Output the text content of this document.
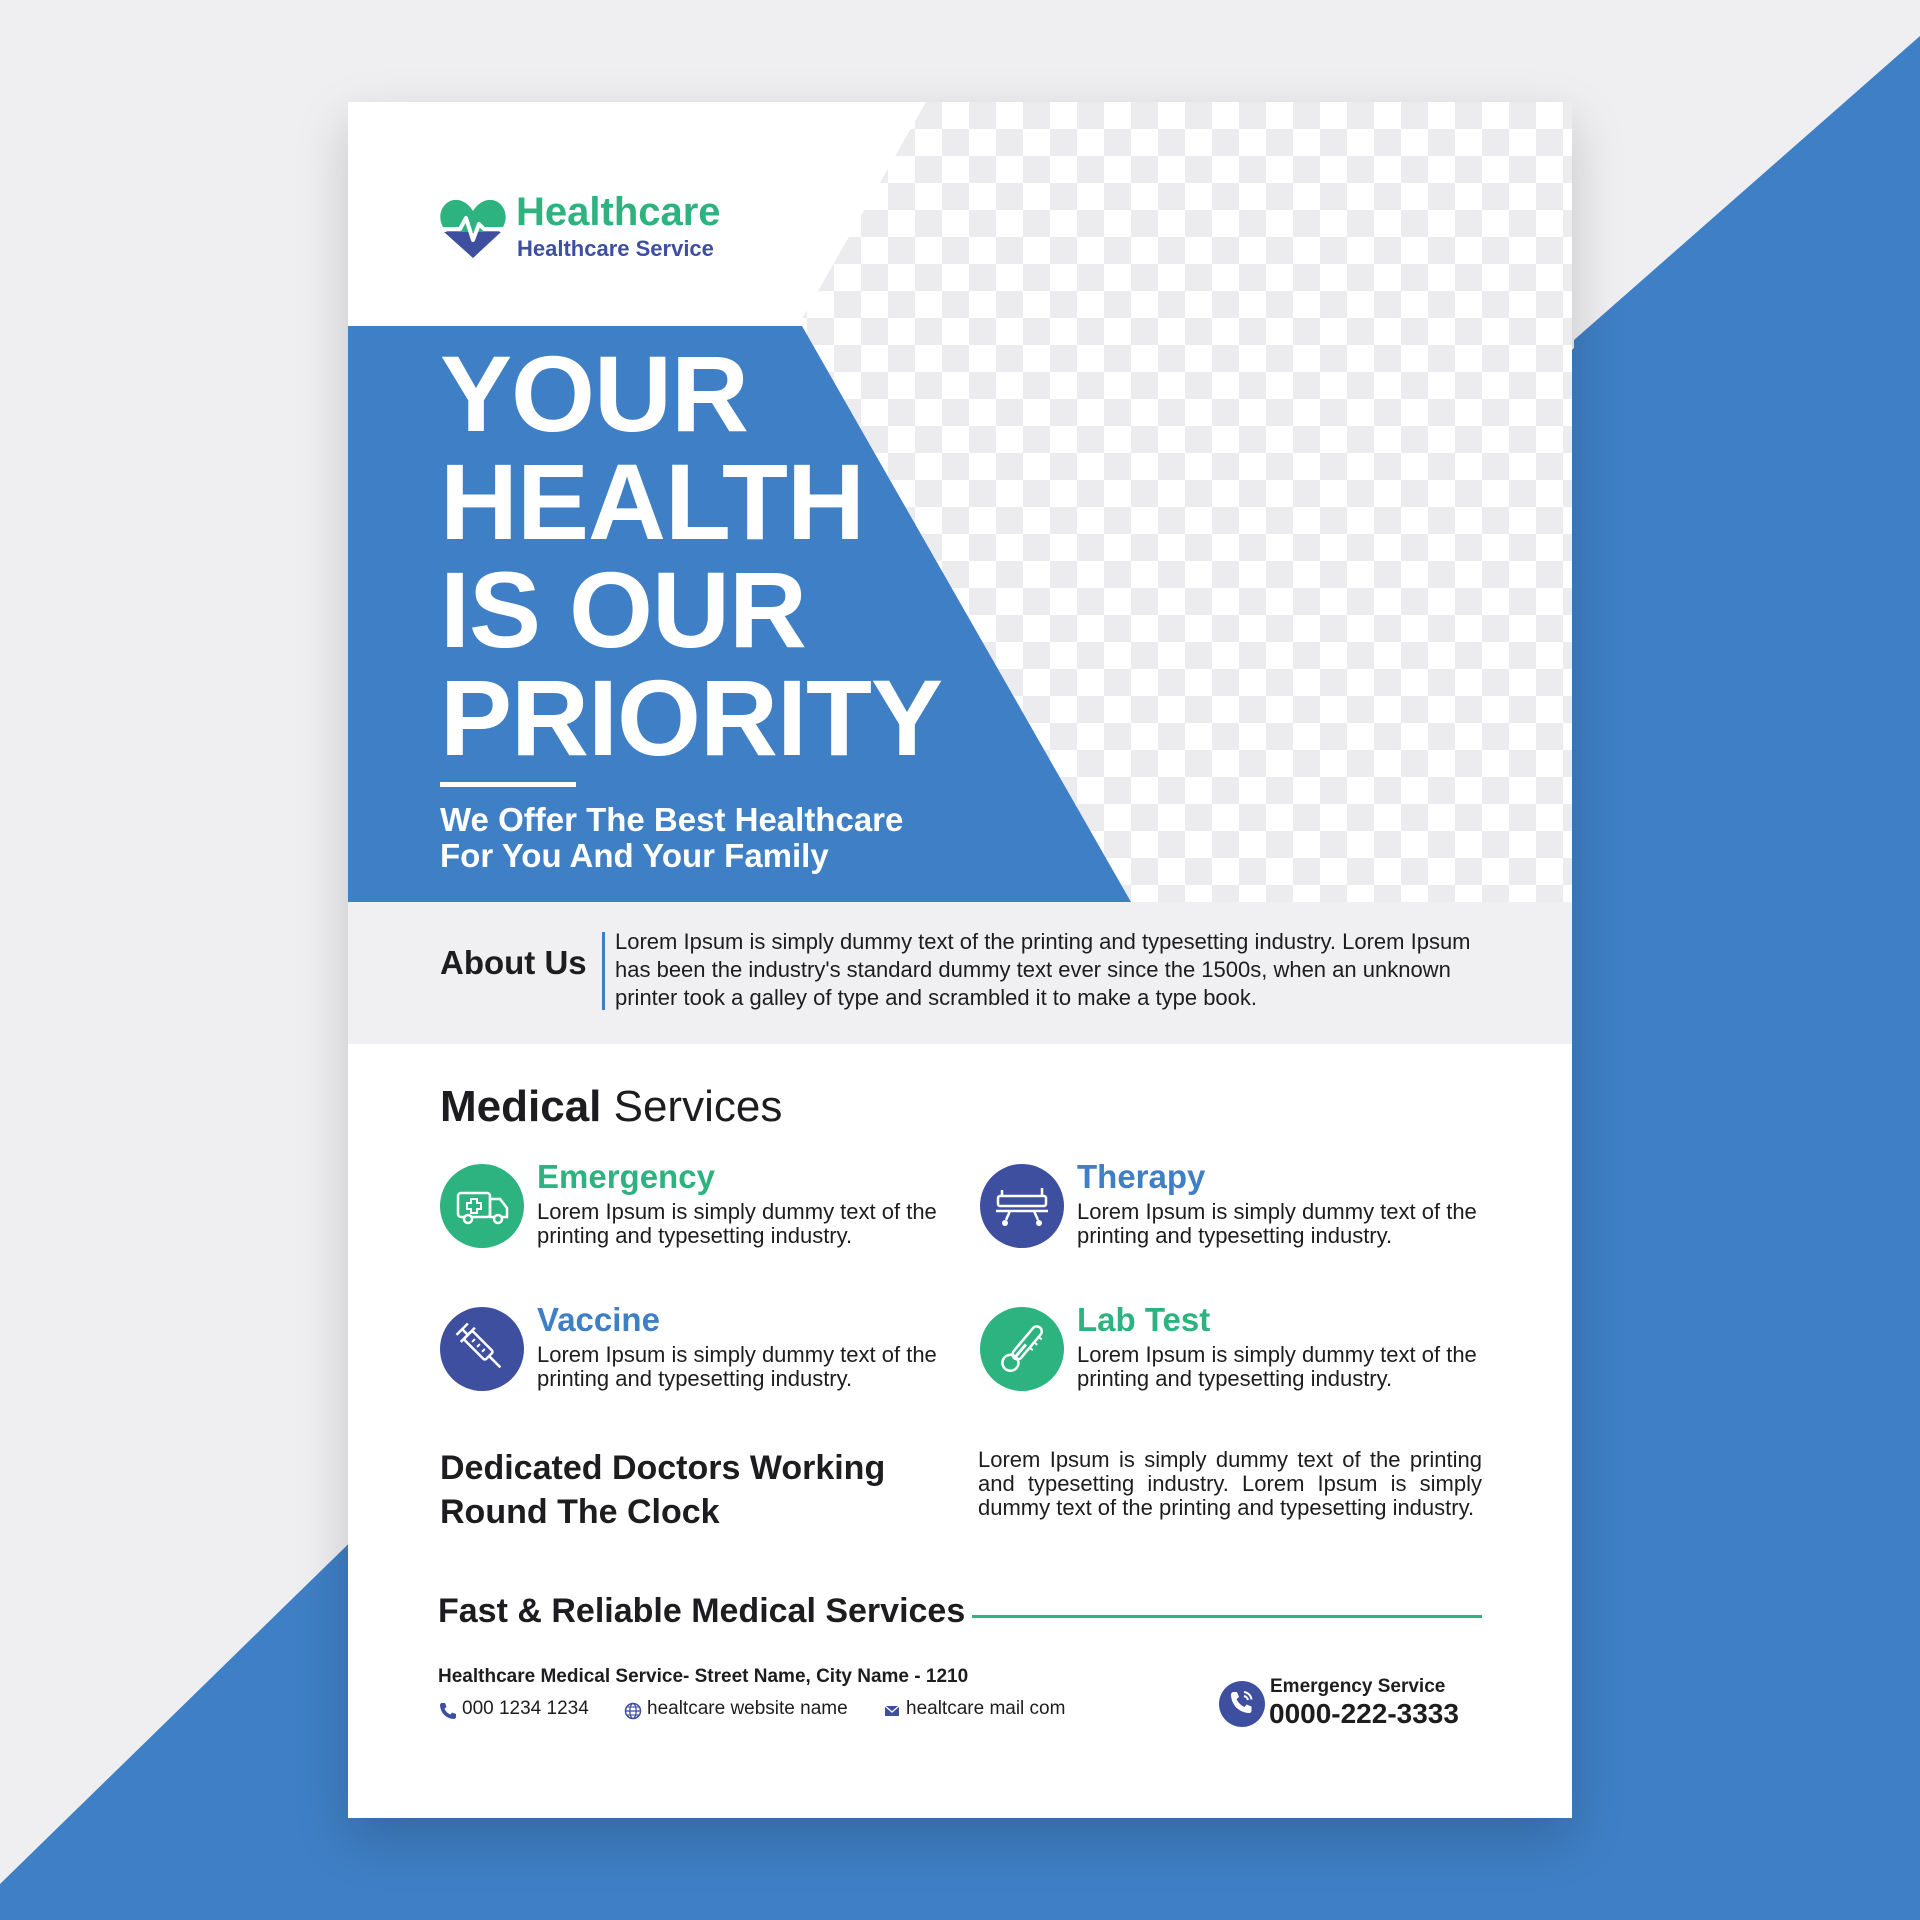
Healthcare
Healthcare Service
YOUR
HEALTH
IS OUR
PRIORITY
We Offer The Best Healthcare
For You And Your Family
About Us
Lorem Ipsum is simply dummy text of the printing and typesetting industry. Lorem Ipsum has been the industry's standard dummy text ever since the 1500s, when an unknown printer took a galley of type and scrambled it to make a type book.
Medical Services
Emergency
Lorem Ipsum is simply dummy text of the printing and typesetting industry.
Therapy
Lorem Ipsum is simply dummy text of the printing and typesetting industry.
Vaccine
Lorem Ipsum is simply dummy text of the printing and typesetting industry.
Lab Test
Lorem Ipsum is simply dummy text of the printing and typesetting industry.
Dedicated Doctors Working
Round The Clock
Lorem Ipsum is simply dummy text of the printing and typesetting industry. Lorem Ipsum is simply dummy text of the printing and typesetting industry.
Fast & Reliable Medical Services
Healthcare Medical Service- Street Name, City Name - 1210
000 1234 1234	healtcare website name	healtcare mail com
Emergency Service
0000-222-3333
